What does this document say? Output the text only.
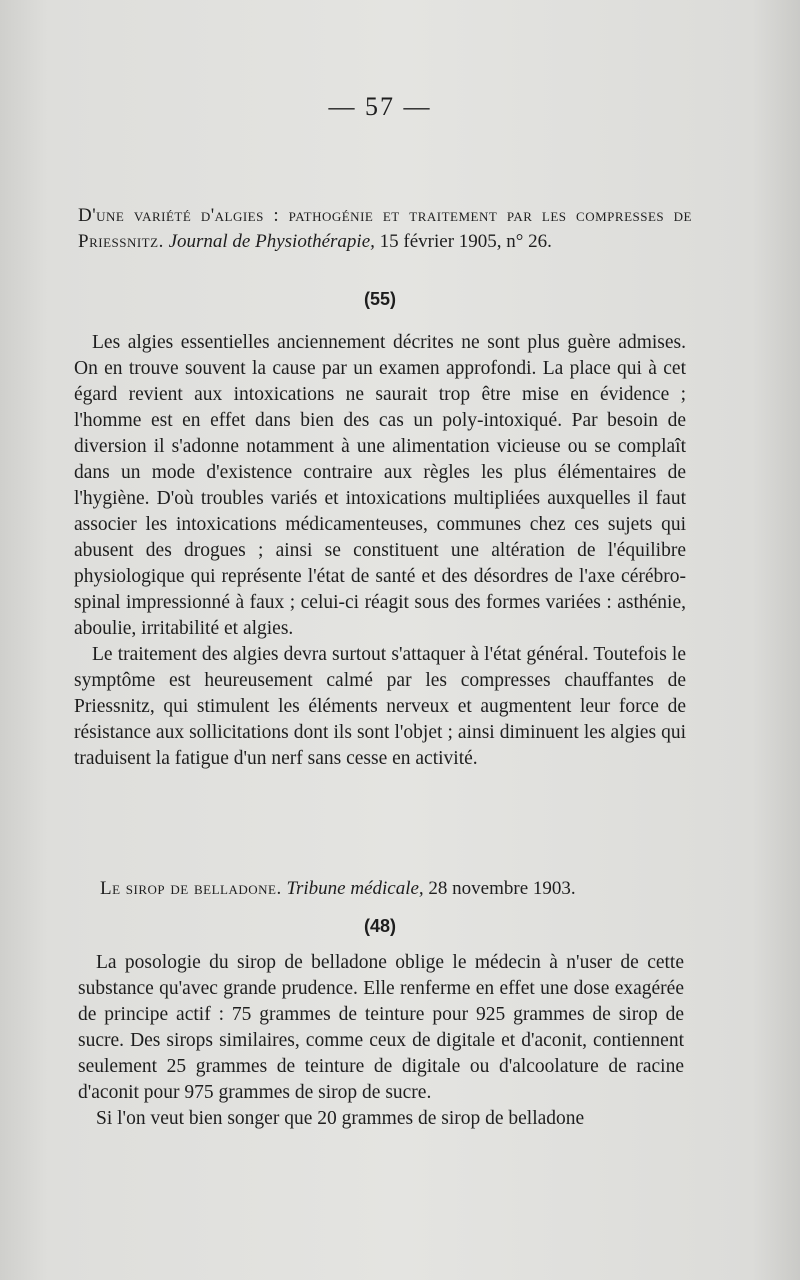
— 57 —
D'une variété d'algies : pathogénie et traitement par les compresses de Priessnitz. Journal de Physiothérapie, 15 février 1905, n° 26.
(55)

Les algies essentielles anciennement décrites ne sont plus guère admises. On en trouve souvent la cause par un examen approfondi. La place qui à cet égard revient aux intoxications ne saurait trop être mise en évidence ; l'homme est en effet dans bien des cas un poly-intoxiqué. Par besoin de diversion il s'adonne notamment à une alimentation vicieuse ou se complaît dans un mode d'existence contraire aux règles les plus élémentaires de l'hygiène. D'où troubles variés et intoxications multipliées auxquelles il faut associer les intoxications médicamenteuses, communes chez ces sujets qui abusent des drogues ; ainsi se constituent une altération de l'équilibre physiologique qui représente l'état de santé et des désordres de l'axe cérébro-spinal impressionné à faux ; celui-ci réagit sous des formes variées : asthénie, aboulie, irritabilité et algies.

Le traitement des algies devra surtout s'attaquer à l'état général. Toutefois le symptôme est heureusement calmé par les compresses chauffantes de Priessnitz, qui stimulent les éléments nerveux et augmentent leur force de résistance aux sollicitations dont ils sont l'objet ; ainsi diminuent les algies qui traduisent la fatigue d'un nerf sans cesse en activité.

Le sirop de belladone. Tribune médicale, 28 novembre 1903.
(48)

La posologie du sirop de belladone oblige le médecin à n'user de cette substance qu'avec grande prudence. Elle renferme en effet une dose exagérée de principe actif : 75 grammes de teinture pour 925 grammes de sirop de sucre. Des sirops similaires, comme ceux de digitale et d'aconit, contiennent seulement 25 grammes de teinture de digitale ou d'alcoolature de racine d'aconit pour 975 grammes de sirop de sucre.

Si l'on veut bien songer que 20 grammes de sirop de belladone
